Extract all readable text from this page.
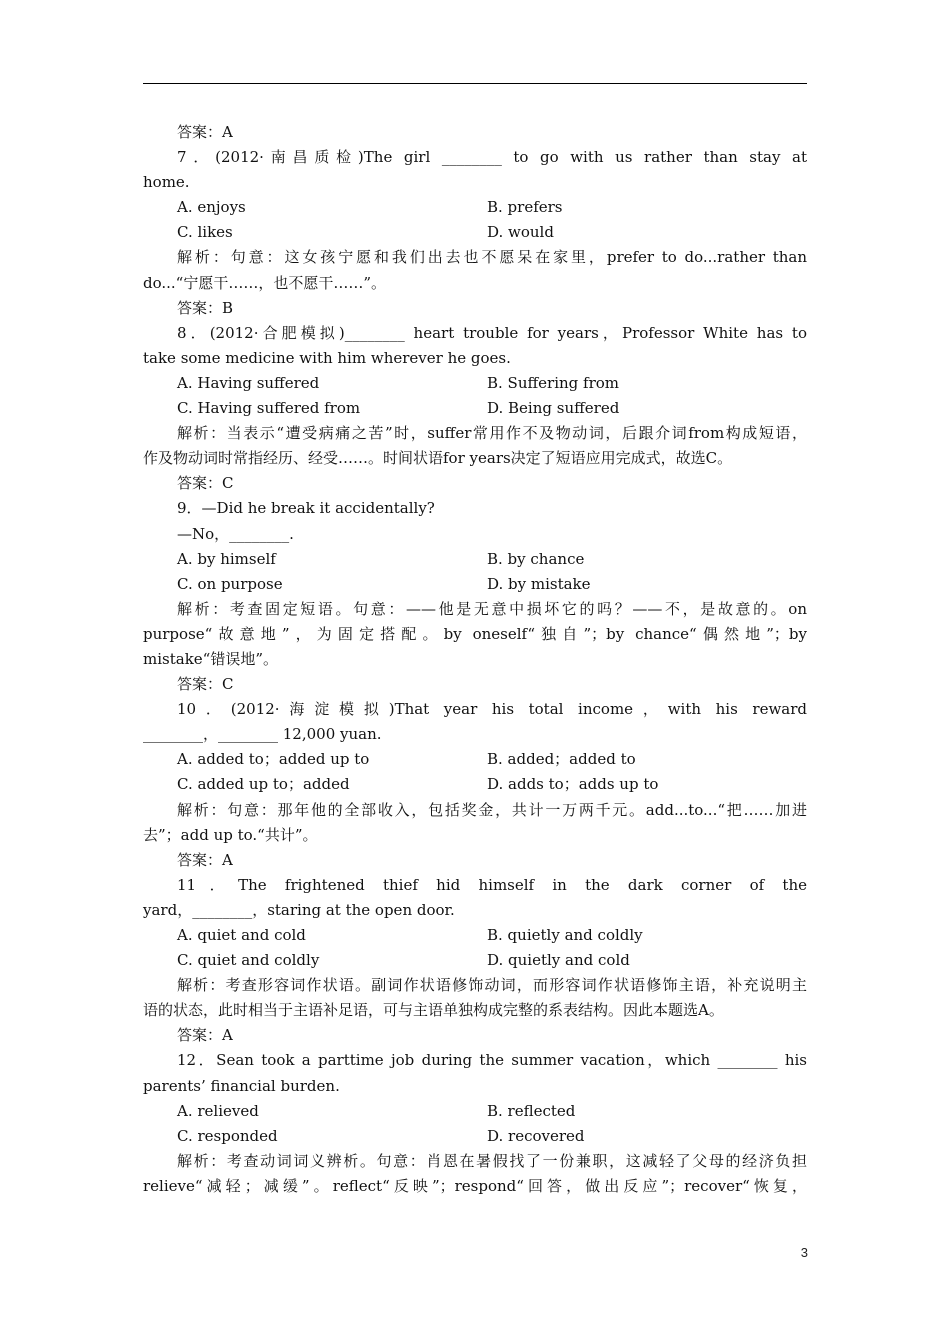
答案：A
7．(2012·南昌质检)The girl ________ to go with us rather than stay at
home.
A. enjoys	B. prefers
C. likes	D. would
解析：句意：这女孩宁愿和我们出去也不愿呆在家里，prefer to do...rather than
do...“宁愿干……，也不愿干……”。
答案：B
8．(2012·合肥模拟)________ heart trouble for years，Professor White has to
take some medicine with him wherever he goes.
A. Having suffered	B. Suffering from
C. Having suffered from	D. Being suffered
解析：当表示“遭受病痛之苦”时，suffer常用作不及物动词，后跟介词from构成短语，
作及物动词时常指经历、经受……。时间状语for years决定了短语应用完成式，故选C。
答案：C
9．—Did he break it accidentally?
—No，________.
A. by himself	B. by chance
C. on purpose	D. by mistake
解析：考查固定短语。句意：——他是无意中损坏它的吗？——不，是故意的。on
purpose“故意地”，为固定搭配。by oneself“独自”；by chance“偶然地”；by
mistake“错误地”。
答案：C
10．(2012·海淀模拟)That year his total income，with his reward
________，________ 12,000 yuan.
A. added to；added up to	B. added；added to
C. added up to；added	D. adds to；adds up to
解析：句意：那年他的全部收入，包括奖金，共计一万两千元。add...to...“把……加进
去”；add up to.“共计”。
答案：A
11．The frightened thief hid himself in the dark corner of the
yard，________，staring at the open door.
A. quiet and cold	B. quietly and coldly
C. quiet and coldly	D. quietly and cold
解析：考查形容词作状语。副词作状语修饰动词，而形容词作状语修饰主语，补充说明主
语的状态，此时相当于主语补足语，可与主语单独构成完整的系表结构。因此本题选A。
答案：A
12．Sean took a parttime job during the summer vacation，which ________ his
parents’ financial burden.
A. relieved	B. reflected
C. responded	D. recovered
解析：考查动词词义辨析。句意：肖恩在暑假找了一份兼职，这减轻了父母的经济负担
relieve“减轻；减缓”。reflect“反映”；respond“回答，做出反应”；recover“恢复，
3
